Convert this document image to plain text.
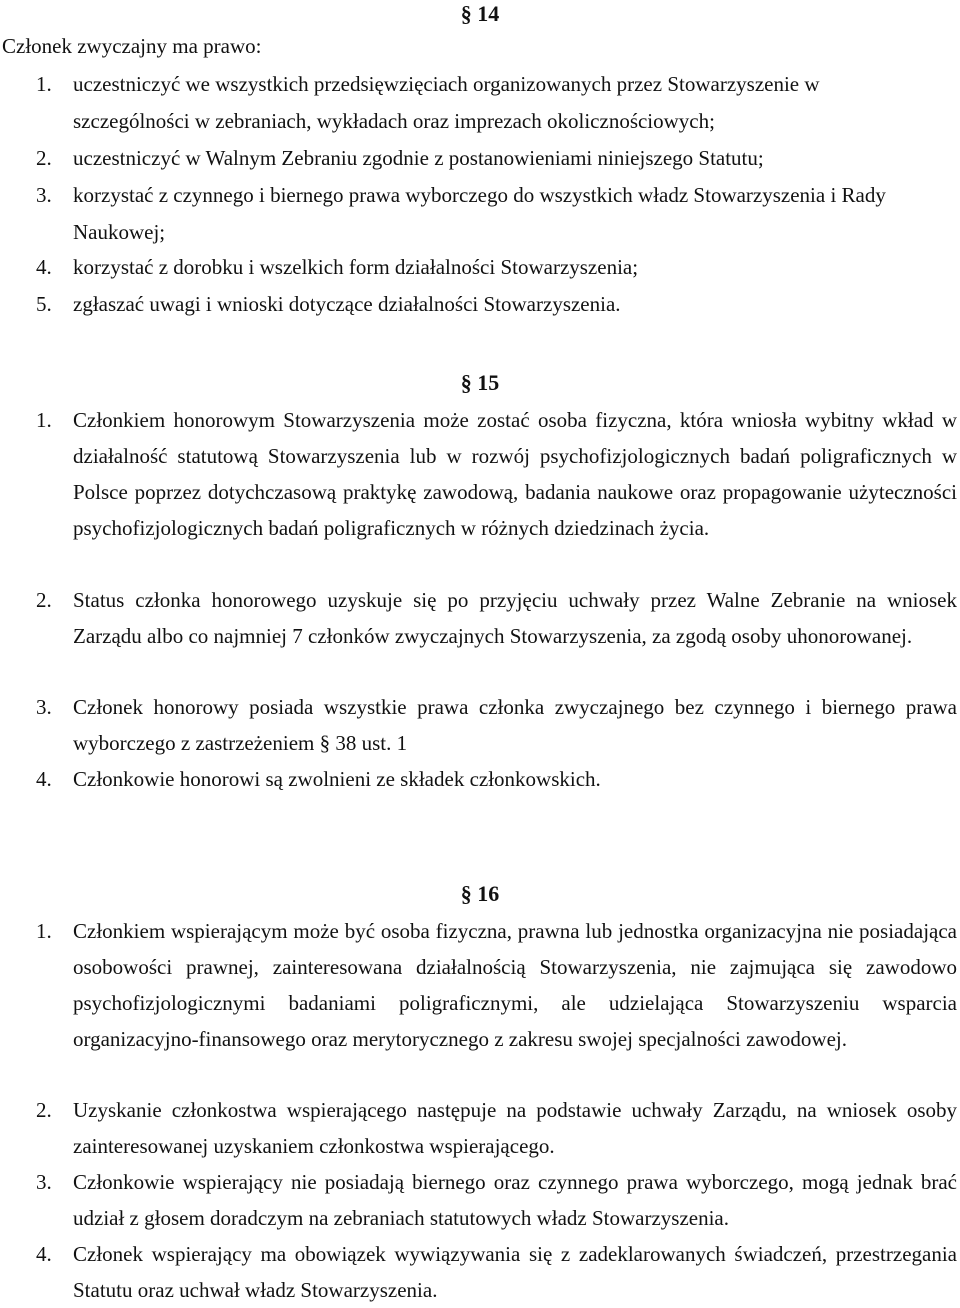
§ 14
Członek zwyczajny ma prawo:
1. uczestniczyć we wszystkich przedsięwzięciach organizowanych przez Stowarzyszenie w szczególności w zebraniach, wykładach oraz imprezach okolicznościowych;
2. uczestniczyć w Walnym Zebraniu zgodnie z postanowieniami niniejszego Statutu;
3. korzystać z czynnego i biernego prawa wyborczego do wszystkich władz Stowarzyszenia i Rady Naukowej;
4. korzystać z dorobku i wszelkich form działalności Stowarzyszenia;
5. zgłaszać uwagi i wnioski dotyczące działalności Stowarzyszenia.
§ 15
1. Członkiem honorowym Stowarzyszenia może zostać osoba fizyczna, która wniosła wybitny wkład w działalność statutową Stowarzyszenia lub w rozwój psychofizjologicznych badań poligraficznych w Polsce poprzez dotychczasową praktykę zawodową, badania naukowe oraz propagowanie użyteczności psychofizjologicznych badań poligraficznych w różnych dziedzinach życia.
2. Status członka honorowego uzyskuje się po przyjęciu uchwały przez Walne Zebranie na wniosek Zarządu albo co najmniej 7 członków zwyczajnych Stowarzyszenia, za zgodą osoby uhonorowanej.
3. Członek honorowy posiada wszystkie prawa członka zwyczajnego bez czynnego i biernego prawa wyborczego z zastrzeżeniem § 38 ust. 1
4. Członkowie honorowi są zwolnieni ze składek członkowskich.
§ 16
1. Członkiem wspierającym może być osoba fizyczna, prawna lub jednostka organizacyjna nie posiadająca osobowości prawnej, zainteresowana działalnością Stowarzyszenia, nie zajmująca się zawodowo psychofizjologicznymi badaniami poligraficznymi, ale udzielająca Stowarzyszeniu wsparcia organizacyjno-finansowego oraz merytorycznego z zakresu swojej specjalności zawodowej.
2. Uzyskanie członkostwa wspierającego następuje na podstawie uchwały Zarządu, na wniosek osoby zainteresowanej uzyskaniem członkostwa wspierającego.
3. Członkowie wspierający nie posiadają biernego oraz czynnego prawa wyborczego, mogą jednak brać udział z głosem doradczym na zebraniach statutowych władz Stowarzyszenia.
4. Członek wspierający ma obowiązek wywiązywania się z zadeklarowanych świadczeń, przestrzegania Statutu oraz uchwał władz Stowarzyszenia.
